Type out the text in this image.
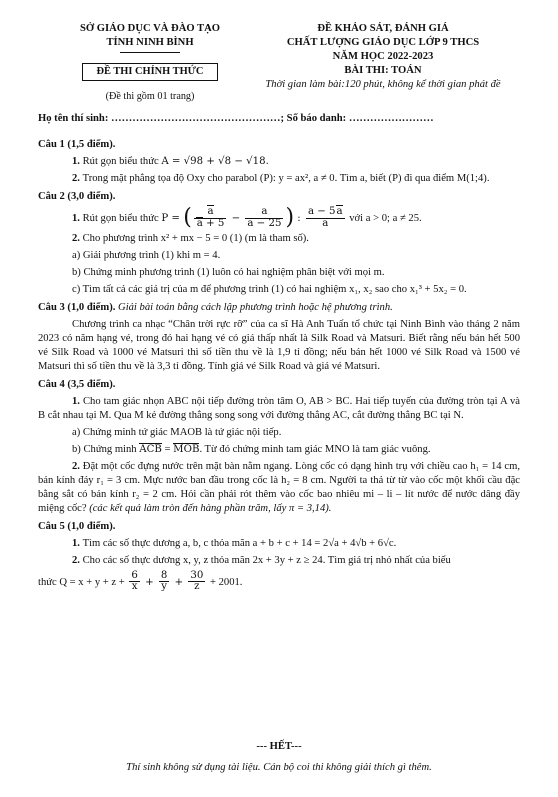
SỞ GIÁO DỤC VÀ ĐÀO TẠO
TỈNH NINH BÌNH
ĐỀ THI CHÍNH THỨC
(Đề thi gồm 01 trang)
ĐỀ KHẢO SÁT, ĐÁNH GIÁ
CHẤT LƯỢNG GIÁO DỤC LỚP 9 THCS
NĂM HỌC 2022-2023
BÀI THI: TOÁN
Thời gian làm bài:120 phút, không kể thời gian phát đề
Họ tên thí sinh: …………………………………………; Số báo danh: ……………………
Câu 1 (1,5 điểm).
1. Rút gọn biểu thức A = √98 + √8 − √18.
2. Trong mặt phẳng tọa độ Oxy cho parabol (P): y = ax², a ≠ 0. Tìm a, biết (P) đi qua điểm M(1;4).
Câu 2 (3,0 điểm).
1. Rút gọn biểu thức P = ( $\frac{a}{a + 5} - \frac{a}{a - 25}$ ) : $\frac{a - 5a}{a}$ với a > 0; a ≠ 25.
2. Cho phương trình x² + mx − 5 = 0 (1) (m là tham số).
a) Giải phương trình (1) khi m = 4.
b) Chứng minh phương trình (1) luôn có hai nghiệm phân biệt với mọi m.
c) Tìm tất cả các giá trị của m để phương trình (1) có hai nghiệm x₁, x₂ sao cho x₁³ + 5x₂ = 0.
Câu 3 (1,0 điểm). Giải bài toán bằng cách lập phương trình hoặc hệ phương trình.
Chương trình ca nhạc “Chân trời rực rỡ” của ca sĩ Hà Anh Tuấn tổ chức tại Ninh Bình vào tháng 2 năm 2023 có năm hạng vé, trong đó hai hạng vé có giá thấp nhất là Silk Road và Matsuri. Biết rằng nếu bán hết 500 vé Silk Road và 1000 vé Matsuri thì số tiền thu về là 1,9 tỉ đồng; nếu bán hết 1000 vé Silk Road và 1500 vé Matsuri thì số tiền thu về là 3,3 tỉ đồng. Tính giá vé Silk Road và giá vé Matsuri.
Câu 4 (3,5 điểm).
1. Cho tam giác nhọn ABC nội tiếp đường tròn tâm O, AB > BC. Hai tiếp tuyến của đường tròn tại A và B cắt nhau tại M. Qua M kẻ đường thẳng song song với đường thẳng AC, cắt đường thẳng BC tại N.
a) Chứng minh tứ giác MAOB là tứ giác nội tiếp.
b) Chứng minh ACB = MOB. Từ đó chứng minh tam giác MNO là tam giác vuông.
2. Đặt một cốc đựng nước trên mặt bàn nằm ngang. Lòng cốc có dạng hình trụ với chiều cao h₁ = 14 cm, bán kính đáy r₁ = 3 cm. Mực nước ban đầu trong cốc là h₂ = 8 cm. Người ta thả từ từ vào cốc một khối cầu đặc bằng sắt có bán kính r₂ = 2 cm. Hỏi cần phải rót thêm vào cốc bao nhiêu mi – li – lít nước để nước dâng đầy miệng cốc? (các kết quả làm tròn đến hàng phần trăm, lấy π = 3,14).
Câu 5 (1,0 điểm).
1. Tìm các số thực dương a, b, c thỏa mãn a + b + c + 14 = 2√a + 4√b + 6√c.
2. Cho các số thực dương x, y, z thỏa mãn 2x + 3y + z ≥ 24. Tìm giá trị nhỏ nhất của biểu
thức $Q = x + y + z + \frac{6}{x} + \frac{8}{y} + \frac{30}{z} + 2001$.
--- HẾT---
Thí sinh không sử dụng tài liệu. Cán bộ coi thi không giải thích gì thêm.
